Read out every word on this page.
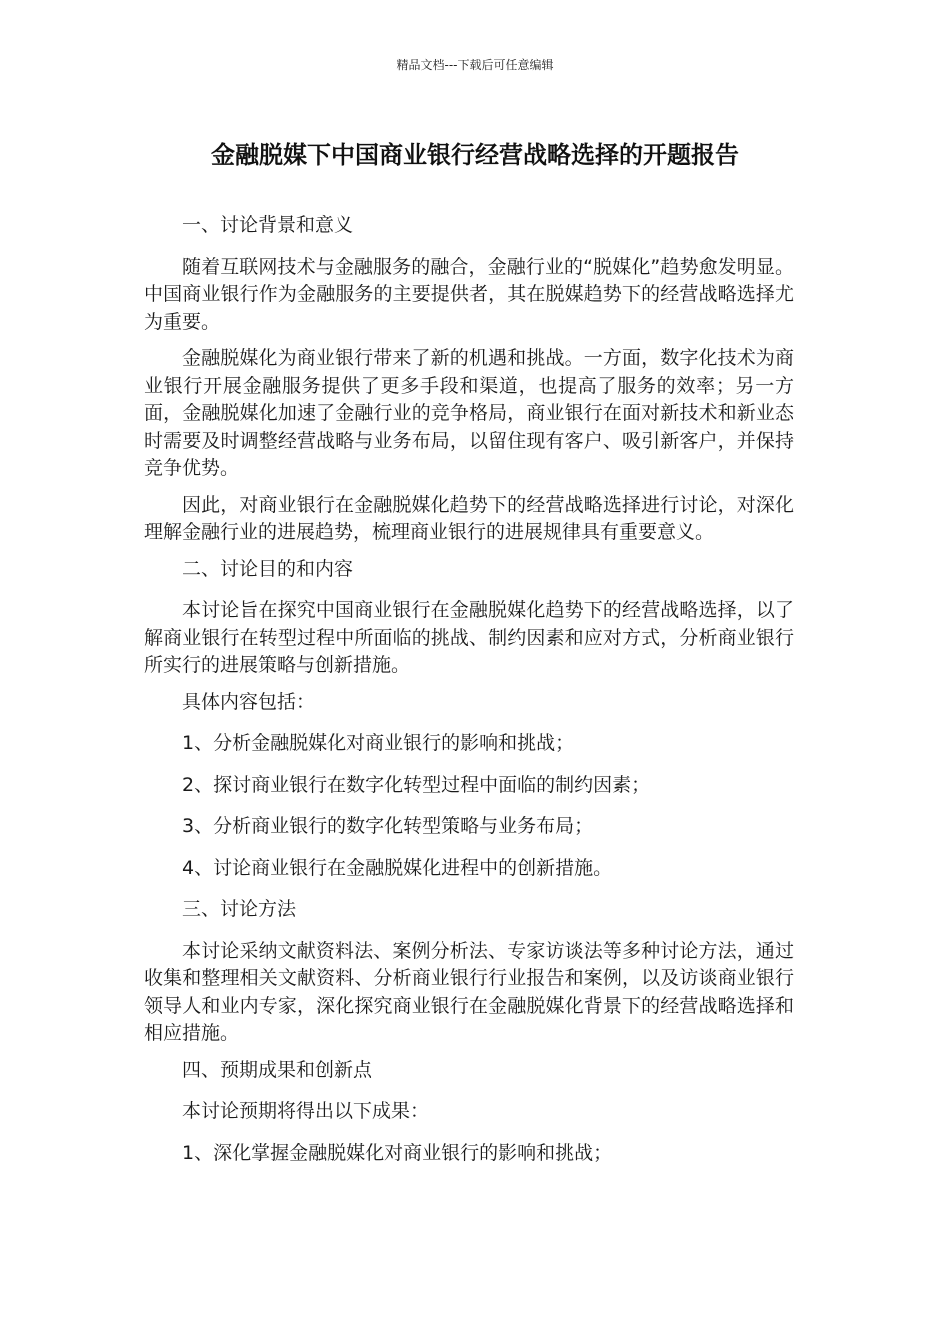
精品文档---下载后可任意编辑
金融脱媒下中国商业银行经营战略选择的开题报告

一、讨论背景和意义

随着互联网技术与金融服务的融合，金融行业的“脱媒化”趋势愈发明显。中国商业银行作为金融服务的主要提供者，其在脱媒趋势下的经营战略选择尤为重要。

金融脱媒化为商业银行带来了新的机遇和挑战。一方面，数字化技术为商业银行开展金融服务提供了更多手段和渠道，也提高了服务的效率；另一方面，金融脱媒化加速了金融行业的竞争格局，商业银行在面对新技术和新业态时需要及时调整经营战略与业务布局，以留住现有客户、吸引新客户，并保持竞争优势。

因此，对商业银行在金融脱媒化趋势下的经营战略选择进行讨论，对深化理解金融行业的进展趋势，梳理商业银行的进展规律具有重要意义。

二、讨论目的和内容

本讨论旨在探究中国商业银行在金融脱媒化趋势下的经营战略选择，以了解商业银行在转型过程中所面临的挑战、制约因素和应对方式，分析商业银行所实行的进展策略与创新措施。

具体内容包括：

1、分析金融脱媒化对商业银行的影响和挑战；

2、探讨商业银行在数字化转型过程中面临的制约因素；

3、分析商业银行的数字化转型策略与业务布局；

4、讨论商业银行在金融脱媒化进程中的创新措施。

三、讨论方法

本讨论采纳文献资料法、案例分析法、专家访谈法等多种讨论方法，通过收集和整理相关文献资料、分析商业银行行业报告和案例，以及访谈商业银行领导人和业内专家，深化探究商业银行在金融脱媒化背景下的经营战略选择和相应措施。

四、预期成果和创新点

本讨论预期将得出以下成果：

1、深化掌握金融脱媒化对商业银行的影响和挑战；
